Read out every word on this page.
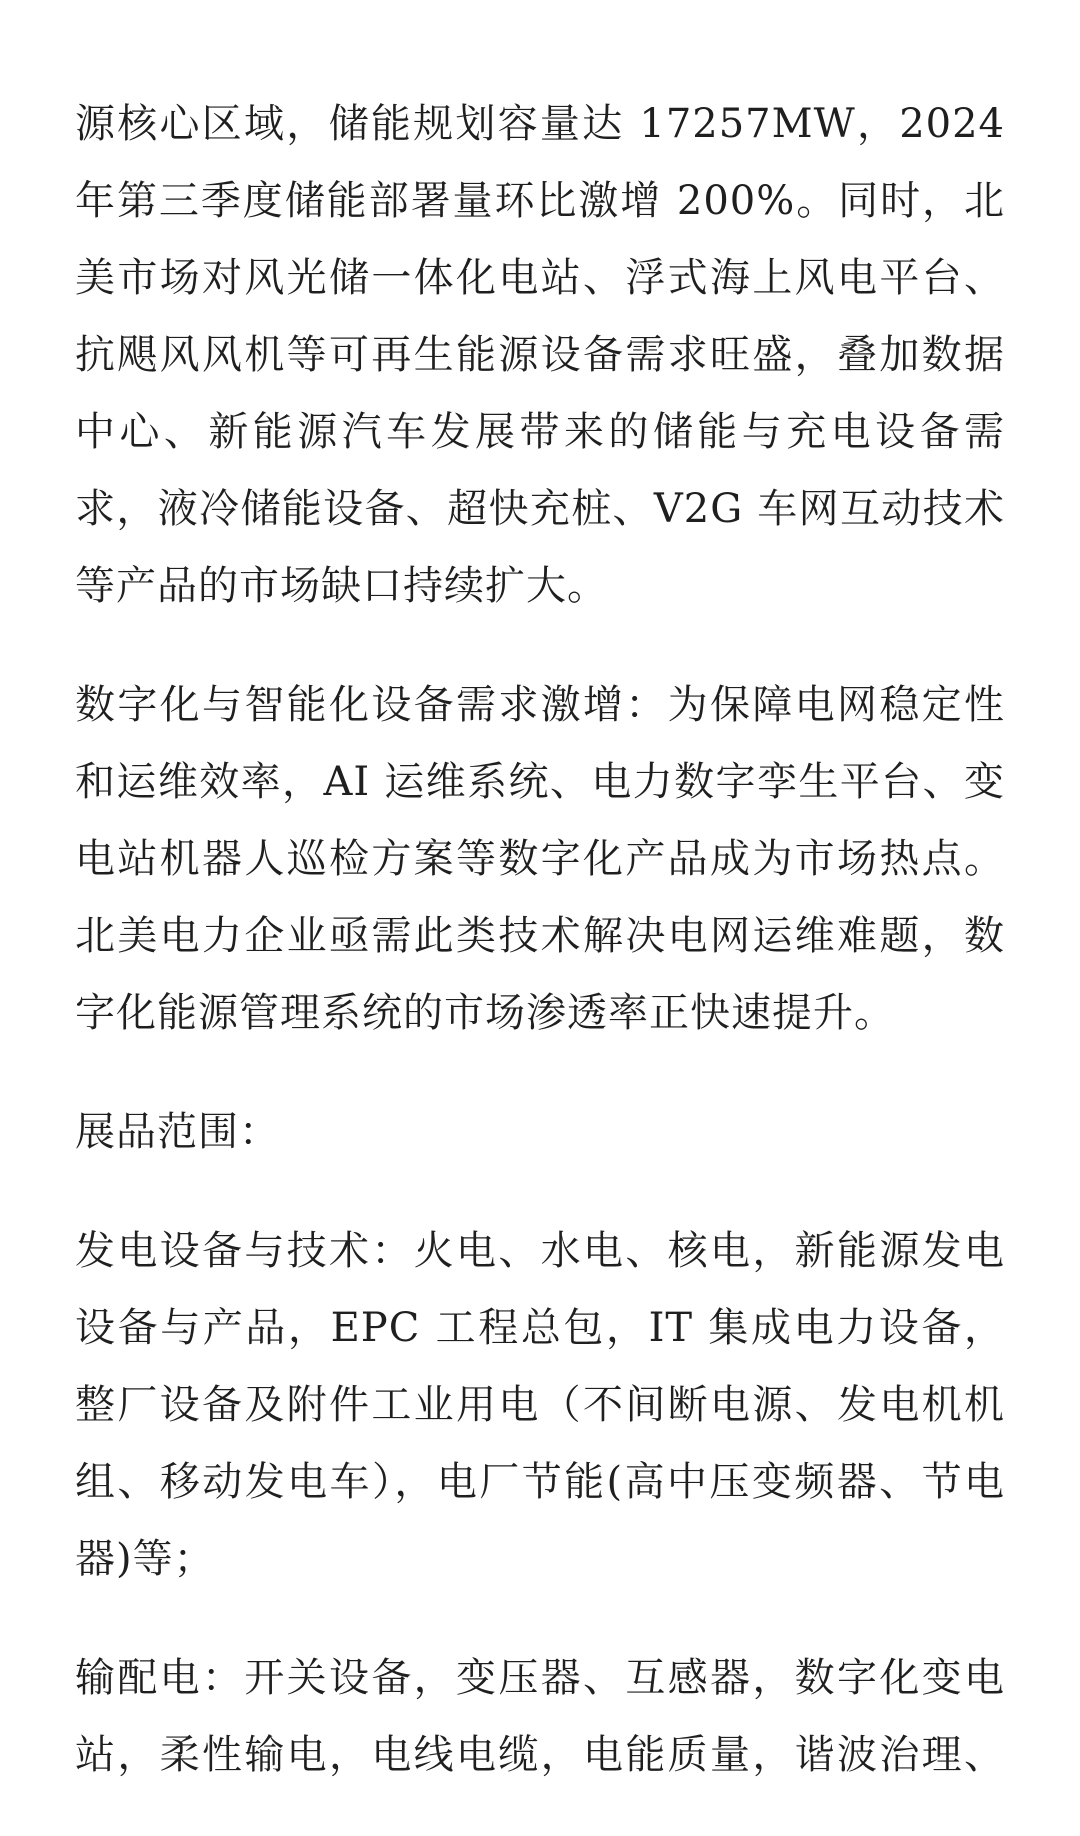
源核心区域，储能规划容量达 17257MW，2024
年第三季度储能部署量环比激增 200%。同时，北
美市场对风光储一体化电站、浮式海上风电平台、
抗飓风风机等可再生能源设备需求旺盛，叠加数据
中心、新能源汽车发展带来的储能与充电设备需
求，液冷储能设备、超快充桩、V2G 车网互动技术
等产品的市场缺口持续扩大。

数字化与智能化设备需求激增：为保障电网稳定性
和运维效率，AI 运维系统、电力数字孪生平台、变
电站机器人巡检方案等数字化产品成为市场热点。
北美电力企业亟需此类技术解决电网运维难题，数
字化能源管理系统的市场渗透率正快速提升。

展品范围：

发电设备与技术：火电、水电、核电，新能源发电
设备与产品，EPC 工程总包，IT 集成电力设备，
整厂设备及附件工业用电（不间断电源、发电机机
组、移动发电车），电厂节能(高中压变频器、节电
器)等；

输配电：开关设备，变压器、互感器，数字化变电
站，柔性输电，电线电缆，电能质量，谐波治理、
